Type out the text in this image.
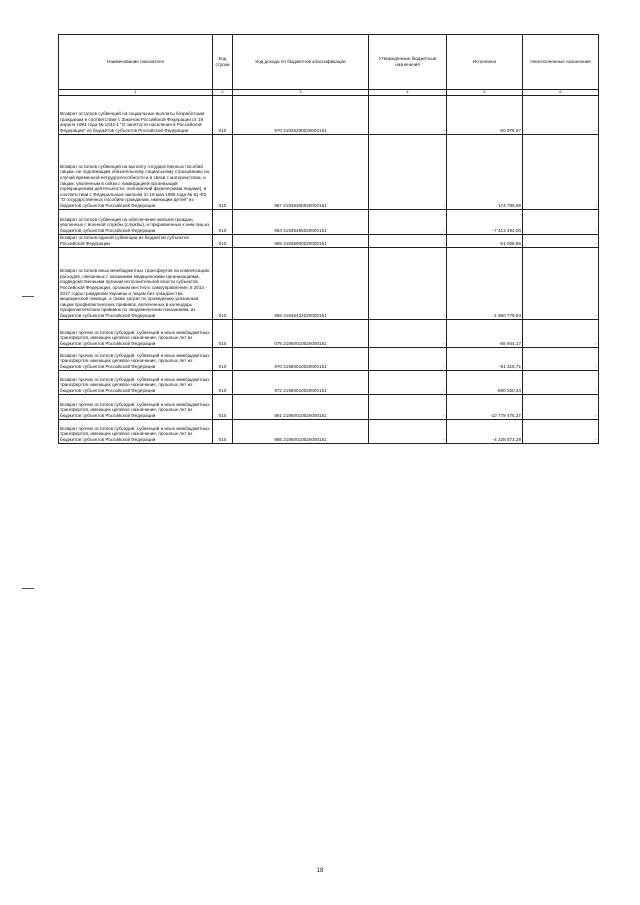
Наименование показателя	Код строки	Код дохода по бюджетной классификации	Утвержденные бюджетные назначения	Исполнено	Неисполненные назначения
1	2	3	4	5	6
Возврат остатков субвенций на социальные выплаты безработным гражданам в соответствии с Законом Российской Федерации от 19 апреля 1991 года № 1032-1 "О занятости населения в Российской Федерации" из бюджетов субъектов Российской Федерации	010	970 21935290020000151	-	-60 978,97	-
Возврат остатков субвенций на выплату государственных пособий лицам, не подлежащим обязательному социальному страхованию на случай временной нетрудоспособности и в связи с материнством, и лицам, уволенным в связи с ликвидацией организаций (прекращением деятельности, полномочий физическими лицами), в соответствии с Федеральным законом от 19 мая 1995 года № 81-ФЗ "О государственных пособиях гражданам, имеющим детей" из бюджетов субъектов Российской Федерации	010	987 21935380020000151	-	-174 799,69	-
Возврат остатков субвенций на обеспечение жильем граждан, уволенных с военной службы (службы), и приравненных к ним лиц из бюджетов субъектов Российской Федерации	010	984 21935485020000151	-	-7 413 494,00	-
Возврат остатков единой субвенции из бюджетов субъектов Российской Федерации	010	985 21935900020000151	-	-51 008,96	-
Возврат остатков иных межбюджетных трансфертов на компенсацию расходов, связанных с оказанием медицинскими организациями, подведомственными органам исполнительной власти субъектов Российской Федерации, органам местного самоуправления, в 2014 - 2017 годах гражданам Украины и лицам без гражданства медицинской помощи, а также затрат по проведению указанным лицам профилактических прививок, включенных в календарь профилактических прививок по эпидемическим показаниям, из бюджетов субъектов Российской Федерации	010	966 21945422020000151	-	-1 960 779,93	-
Возврат прочих остатков субсидий, субвенций и иных межбюджетных трансфертов, имеющих целевое назначение, прошлых лет из бюджетов субъектов Российской Федерации	010	075 21960010020000151	-	-65 944,17	-
Возврат прочих остатков субсидий, субвенций и иных межбюджетных трансфертов, имеющих целевое назначение, прошлых лет из бюджетов субъектов Российской Федерации	010	970 21960010020000151	-	-91 319,71	-
Возврат прочих остатков субсидий, субвенций и иных межбюджетных трансфертов, имеющих целевое назначение, прошлых лет из бюджетов субъектов Российской Федерации	010	972 21960010020000151	-	-680 250,34	-
Возврат прочих остатков субсидий, субвенций и иных межбюджетных трансфертов, имеющих целевое назначение, прошлых лет из бюджетов субъектов Российской Федерации	010	981 21960010020000151	-	-10 779 475,37	-
Возврат прочих остатков субсидий, субвенций и иных межбюджетных трансфертов, имеющих целевое назначение, прошлых лет из бюджетов субъектов Российской Федерации	010	986 21960010020000151	-	-4 228 873,29	-
18
